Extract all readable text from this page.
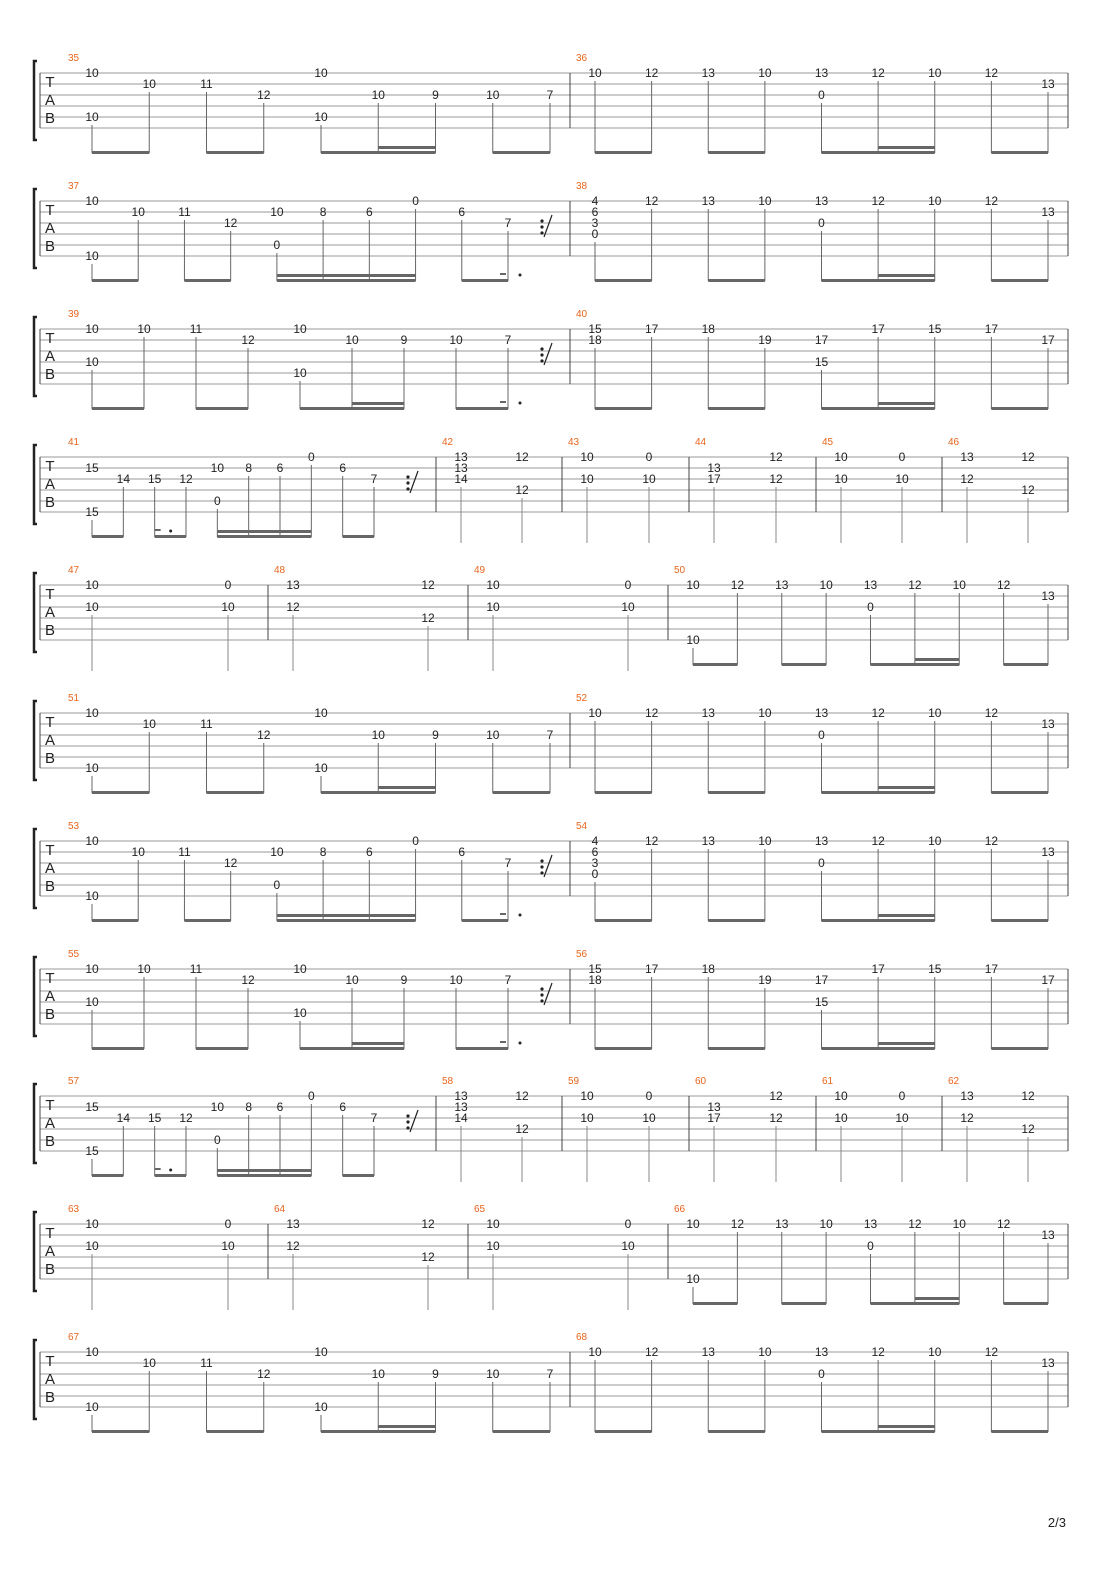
T
A
B
35
10
10
10	11
12
10
10
10	9	10	7
36
10	12	13	10	13
0
12	10	12
13
T
A
B
37
10
10
10	11
12
10
0
8	6
0
6
7
38
4
6
3
0
12	13	10	13
0
12	10	12
13
T
A
B
39
10
10
10	11
12
10
10
10	9	10	7
40
15
18
17	18
19	17
15
17	15	17
17
T
A
B
41
15
15
14 15 12
10
0
8 6
0
6
7
42
13
13
14
12
12
43
10
10
0
10
44
13
17
12
12
45
10
10
0
10
46
13
12
12
12
T
A
B
47
10
10
0
10
48
13
12
12
12
49
10
10
0
10
50
10
10
12	13	10	13
0
12	10	12
13
T
A
B
51
10
10
10	11
12
10
10
10	9	10	7
52
10	12	13	10	13
0
12	10	12
13
T
A
B
53
10
10
10	11
12
10
0
8	6
0
6
7
54
4
6
3
0
12	13	10	13
0
12	10	12
13
T
A
B
55
10
10
10	11
12
10
10
10	9	10	7
56
15
18
17	18
19	17
15
17	15	17
17
T
A
B
57
15
15
14 15 12
10
0
8 6
0
6
7
58
13
13
14
12
12
59
10
10
0
10
60
13
17
12
12
61
10
10
0
10
62
13
12
12
12
T
A
B
63
10
10
0
10
64
13
12
12
12
65
10
10
0
10
66
10
10
12	13	10	13
0
12	10	12
13
T
A
B
67
10
10
10	11
12
10
10
10	9	10	7
68
10	12	13	10	13
0
12	10	12
13
2/3
